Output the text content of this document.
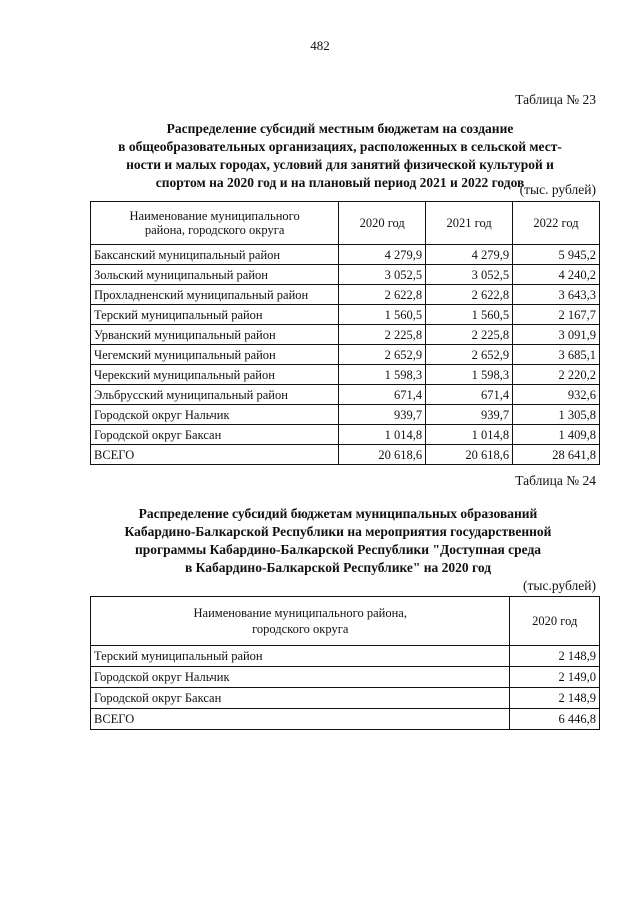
482
Таблица № 23
Распределение субсидий местным бюджетам на создание
в общеобразовательных организациях, расположенных в сельской мест-
ности и малых городах, условий для занятий физической культурой и
спортом на 2020 год и на плановый период 2021 и 2022 годов
(тыс. рублей)
Наименование муниципального
района, городского округа	2020 год	2021 год	2022 год
Баксанский муниципальный район	4 279,9	4 279,9	5 945,2
Зольский муниципальный район	3 052,5	3 052,5	4 240,2
Прохладненский муниципальный район	2 622,8	2 622,8	3 643,3
Терский муниципальный район	1 560,5	1 560,5	2 167,7
Урванский муниципальный район	2 225,8	2 225,8	3 091,9
Чегемский муниципальный район	2 652,9	2 652,9	3 685,1
Черекский муниципальный район	1 598,3	1 598,3	2 220,2
Эльбрусский муниципальный район	671,4	671,4	932,6
Городской округ Нальчик	939,7	939,7	1 305,8
Городской округ Баксан	1 014,8	1 014,8	1 409,8
ВСЕГО	20 618,6	20 618,6	28 641,8
Таблица № 24
Распределение субсидий бюджетам муниципальных образований
Кабардино-Балкарской Республики на мероприятия государственной
программы Кабардино-Балкарской Республики "Доступная среда
в Кабардино-Балкарской Республике" на 2020 год
(тыс.рублей)
Наименование муниципального района,
городского округа	2020 год
Терский муниципальный район	2 148,9
Городской округ Нальчик	2 149,0
Городской округ Баксан	2 148,9
ВСЕГО	6 446,8
